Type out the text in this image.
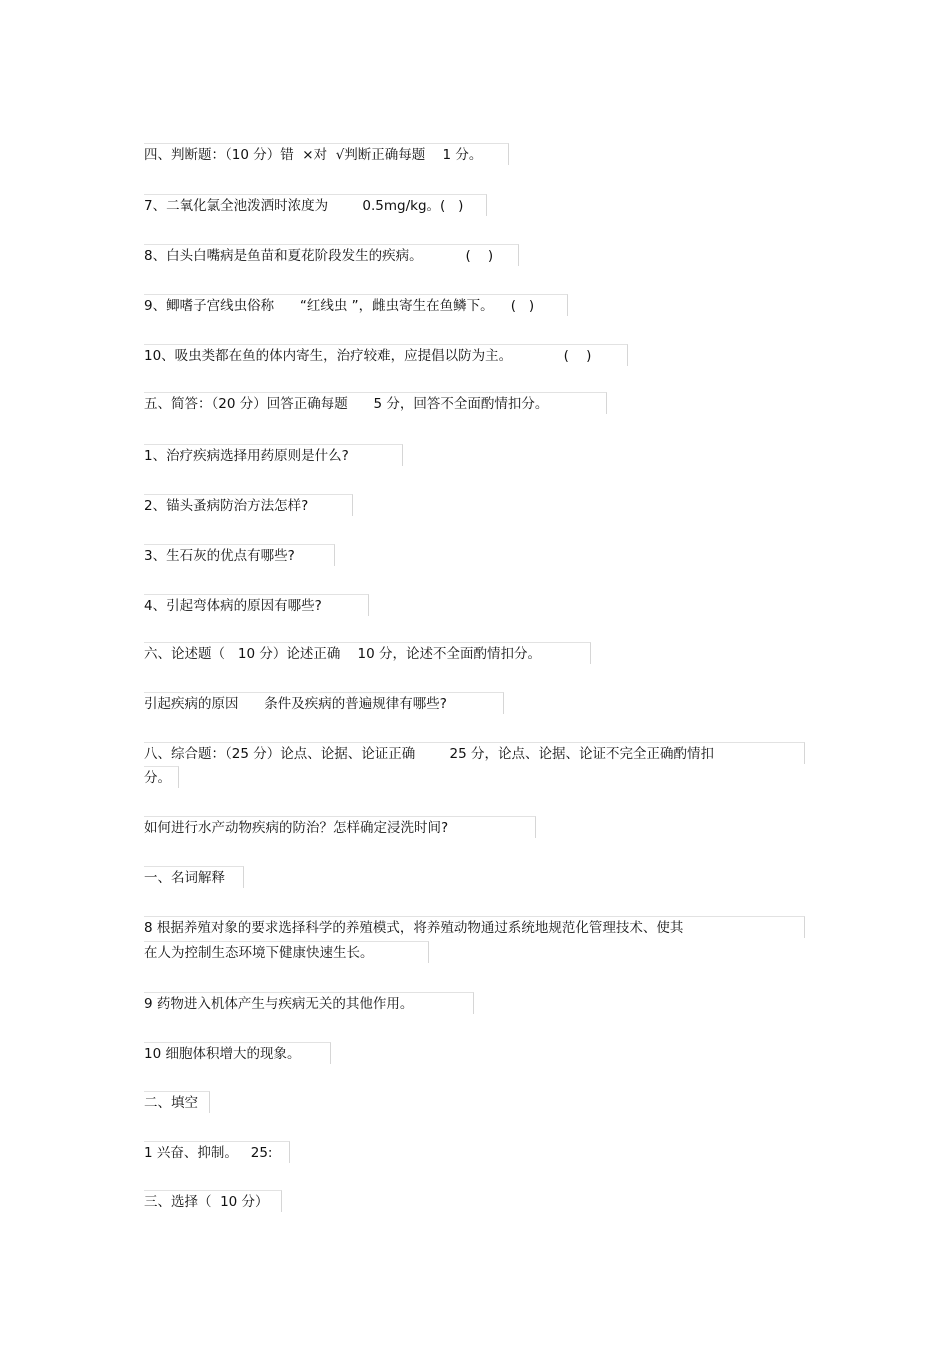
四、判断题：（10 分）错  ×对  √判断正确每题    1 分。
7、二氧化氯全池泼洒时浓度为        0.5mg/kg。(   )
8、白头白嘴病是鱼苗和夏花阶段发生的疾病。          (    )
9、鲫嗜子宫线虫俗称      “红线虫 ”，雌虫寄生在鱼鳞下。    (   )
10、吸虫类都在鱼的体内寄生，治疗较难，应提倡以防为主。            (    )
五、简答：（20 分）回答正确每题      5 分，回答不全面酌情扣分。
1、治疗疾病选择用药原则是什么?
2、锚头蚤病防治方法怎样?
3、生石灰的优点有哪些?
4、引起弯体病的原因有哪些?
六、论述题（   10 分）论述正确    10 分，论述不全面酌情扣分。
引起疾病的原因      条件及疾病的普遍规律有哪些?
八、综合题：（25 分）论点、论据、论证正确        25 分，论点、论据、论证不完全正确酌情扣
分。
如何进行水产动物疾病的防治？怎样确定浸洗时间?
一、名词解释
8 根据养殖对象的要求选择科学的养殖模式，将养殖动物通过系统地规范化管理技术、使其
在人为控制生态环境下健康快速生长。
9 药物进入机体产生与疾病无关的其他作用。
10 细胞体积增大的现象。
二、填空
1 兴奋、抑制。   25:
三、选择（  10 分）
